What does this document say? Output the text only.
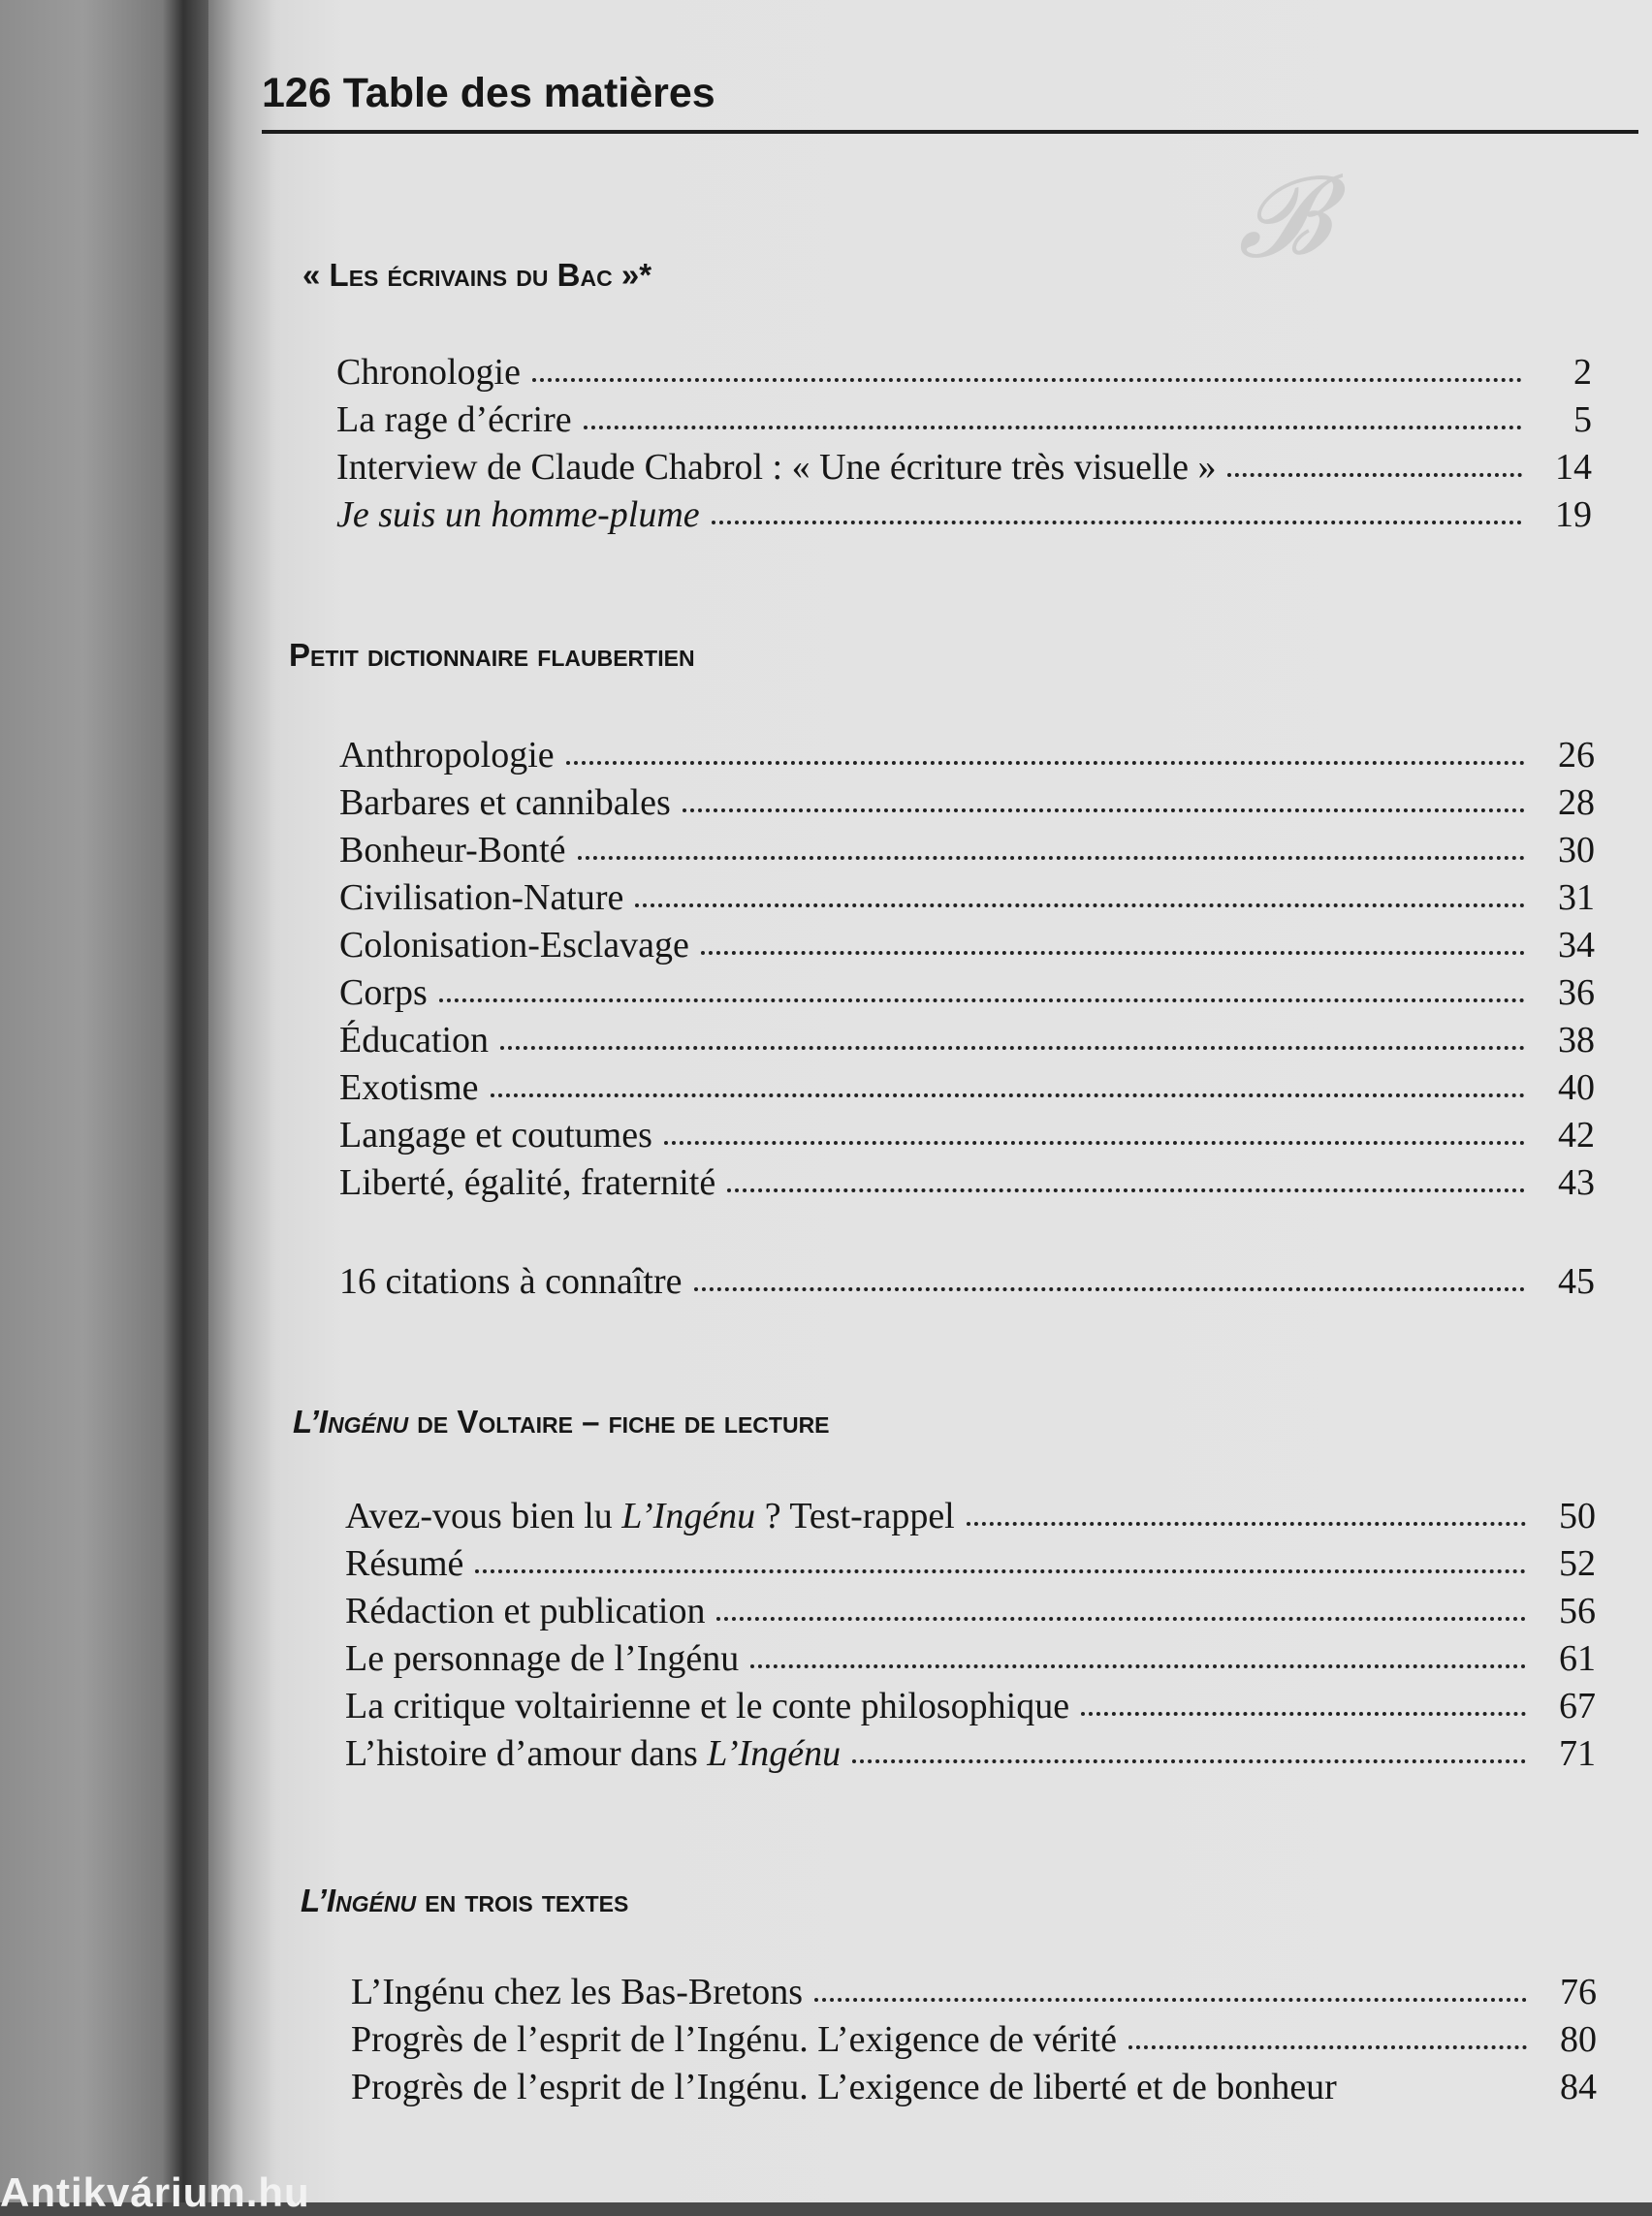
𝓑
126 Table des matières
« Les écrivains du Bac »*
Chronologie	2
La rage d’écrire	5
Interview de Claude Chabrol : « Une écriture très visuelle »	14
Je suis un homme-plume	19
Petit dictionnaire flaubertien
Anthropologie	26
Barbares et cannibales	28
Bonheur-Bonté	30
Civilisation-Nature	31
Colonisation-Esclavage	34
Corps	36
Éducation	38
Exotisme	40
Langage et coutumes	42
Liberté, égalité, fraternité	43
16 citations à connaître	45
L’Ingénu de Voltaire – fiche de lecture
Avez-vous bien lu L’Ingénu ? Test-rappel	50
Résumé	52
Rédaction et publication	56
Le personnage de l’Ingénu	61
La critique voltairienne et le conte philosophique	67
L’histoire d’amour dans L’Ingénu	71
L’Ingénu en trois textes
L’Ingénu chez les Bas-Bretons	76
Progrès de l’esprit de l’Ingénu. L’exigence de vérité	80
Progrès de l’esprit de l’Ingénu. L’exigence de liberté et de bonheur	84
Antikvárium.hu
